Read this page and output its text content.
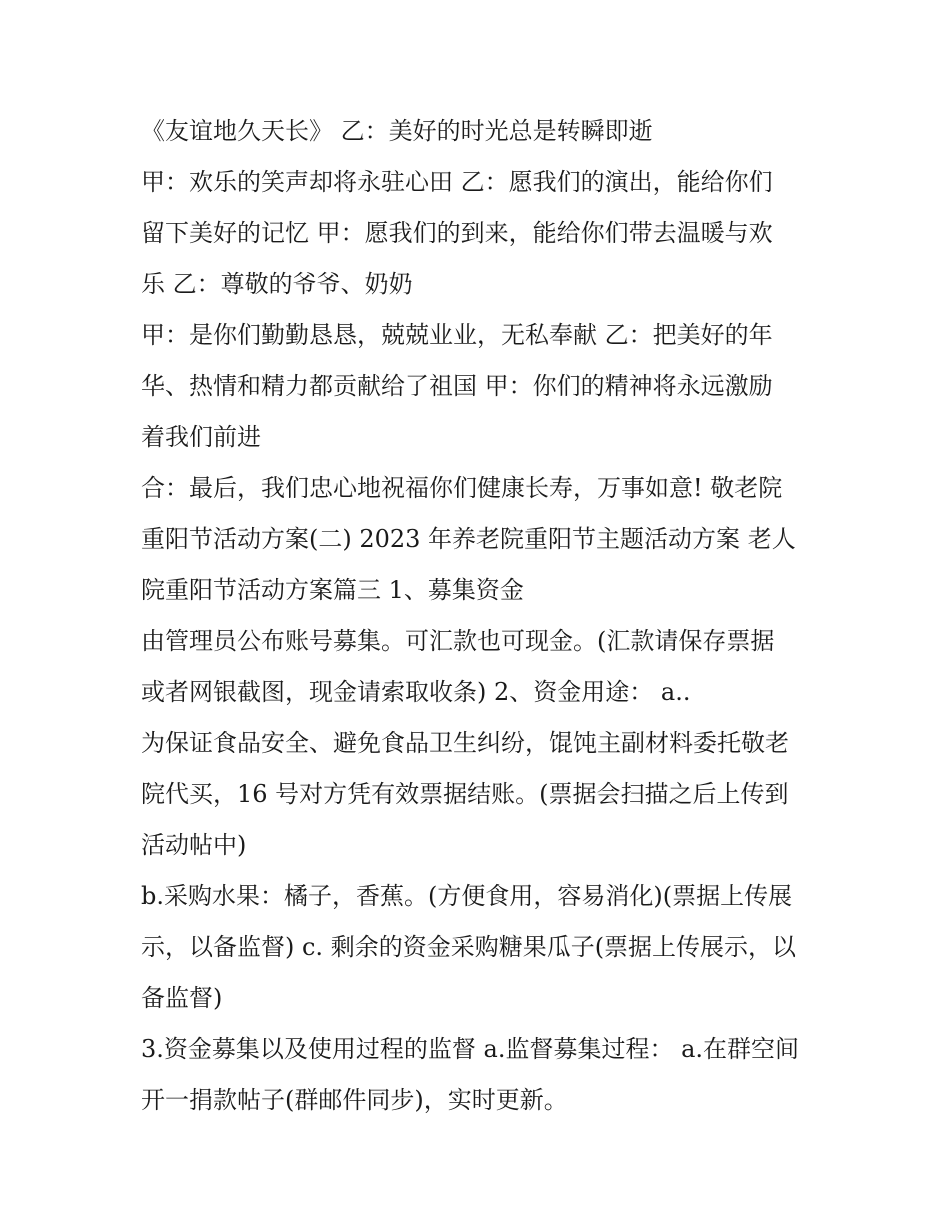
《友谊地久天长》 乙：美好的时光总是转瞬即逝
甲：欢乐的笑声却将永驻心田 乙：愿我们的演出，能给你们
留下美好的记忆 甲：愿我们的到来，能给你们带去温暖与欢
乐 乙：尊敬的爷爷、奶奶
甲：是你们勤勤恳恳，兢兢业业，无私奉献 乙：把美好的年
华、热情和精力都贡献给了祖国 甲：你们的精神将永远激励
着我们前进
合：最后，我们忠心地祝福你们健康长寿，万事如意! 敬老院
重阳节活动方案(二) 2023 年养老院重阳节主题活动方案 老人
院重阳节活动方案篇三 1、募集资金
由管理员公布账号募集。可汇款也可现金。(汇款请保存票据
或者网银截图，现金请索取收条) 2、资金用途： a..
为保证食品安全、避免食品卫生纠纷，馄饨主副材料委托敬老
院代买，16 号对方凭有效票据结账。(票据会扫描之后上传到
活动帖中)
b.采购水果：橘子，香蕉。(方便食用，容易消化)(票据上传展
示，以备监督) c. 剩余的资金采购糖果瓜子(票据上传展示，以
备监督)
3.资金募集以及使用过程的监督 a.监督募集过程： a.在群空间
开一捐款帖子(群邮件同步)，实时更新。
